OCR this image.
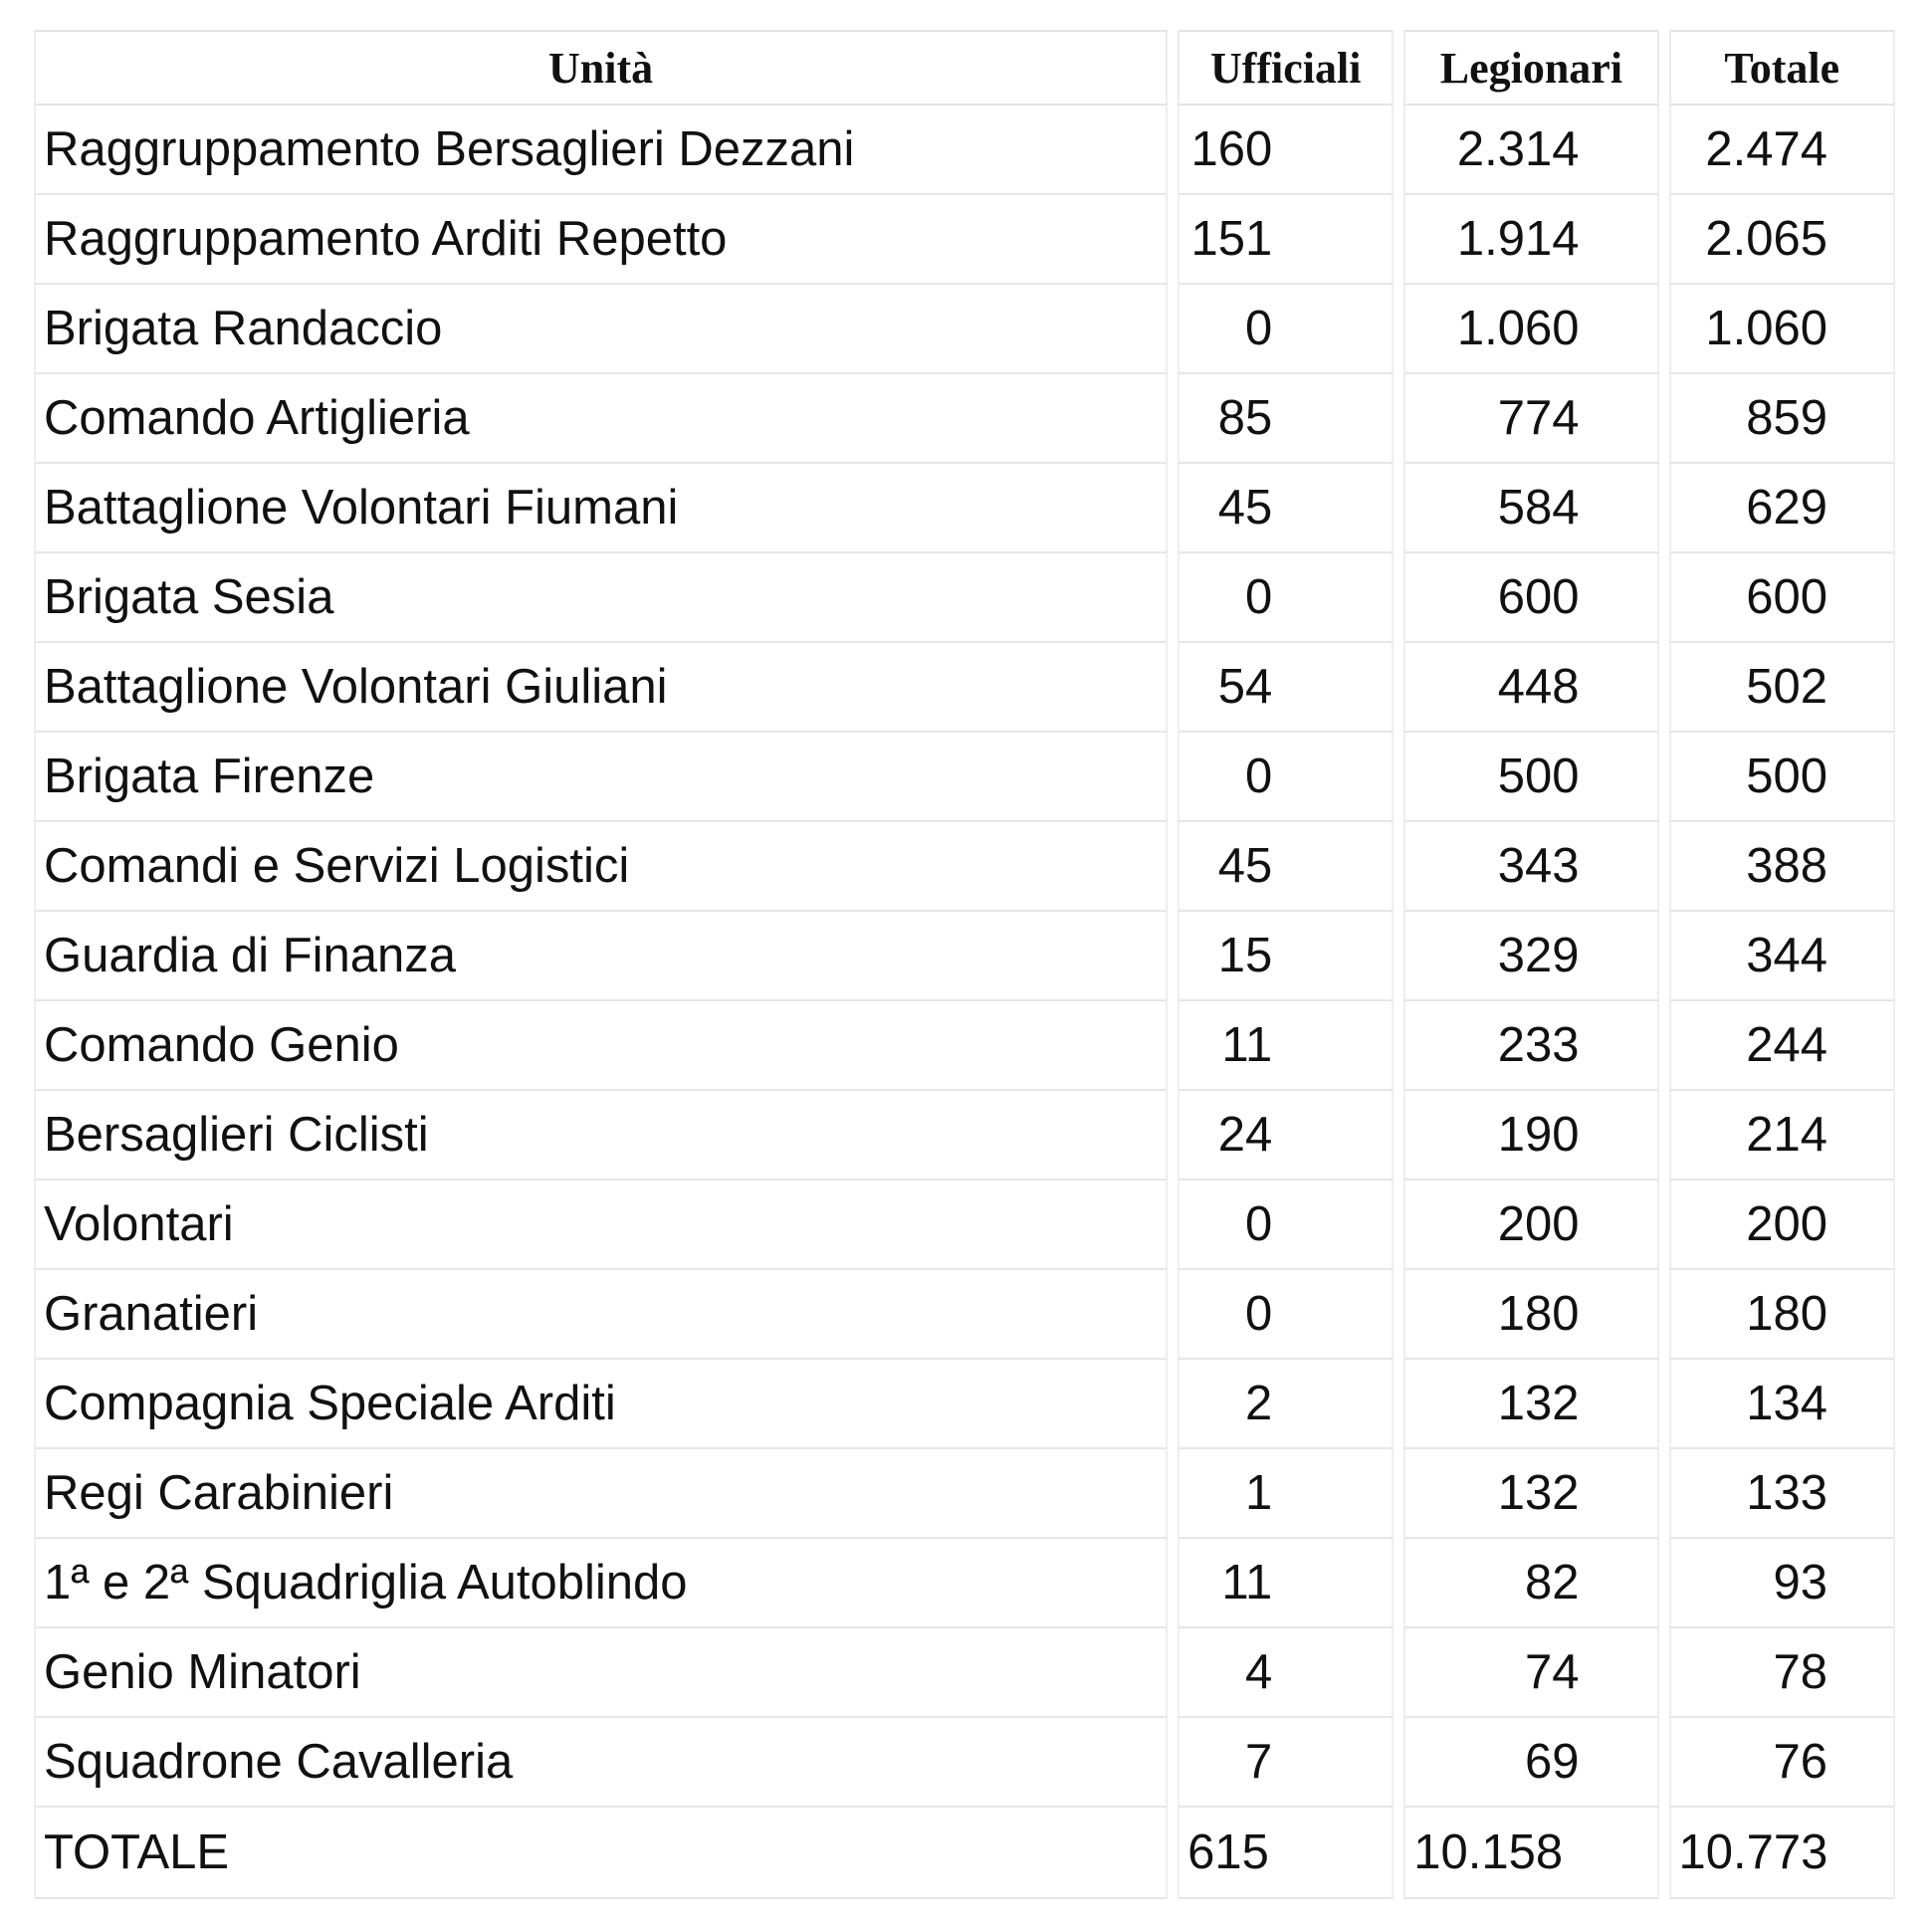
Unità	Ufficiali	Legionari	Totale
Raggruppamento Bersaglieri Dezzani	160	2.314	2.474
Raggruppamento Arditi Repetto	151	1.914	2.065
Brigata Randaccio	0	1.060	1.060
Comando Artiglieria	85	774	859
Battaglione Volontari Fiumani	45	584	629
Brigata Sesia	0	600	600
Battaglione Volontari Giuliani	54	448	502
Brigata Firenze	0	500	500
Comandi e Servizi Logistici	45	343	388
Guardia di Finanza	15	329	344
Comando Genio	11	233	244
Bersaglieri Ciclisti	24	190	214
Volontari	0	200	200
Granatieri	0	180	180
Compagnia Speciale Arditi	2	132	134
Regi Carabinieri	1	132	133
1ª e 2ª Squadriglia Autoblindo	11	82	93
Genio Minatori	4	74	78
Squadrone Cavalleria	7	69	76
TOTALE	615	10.158	10.773
